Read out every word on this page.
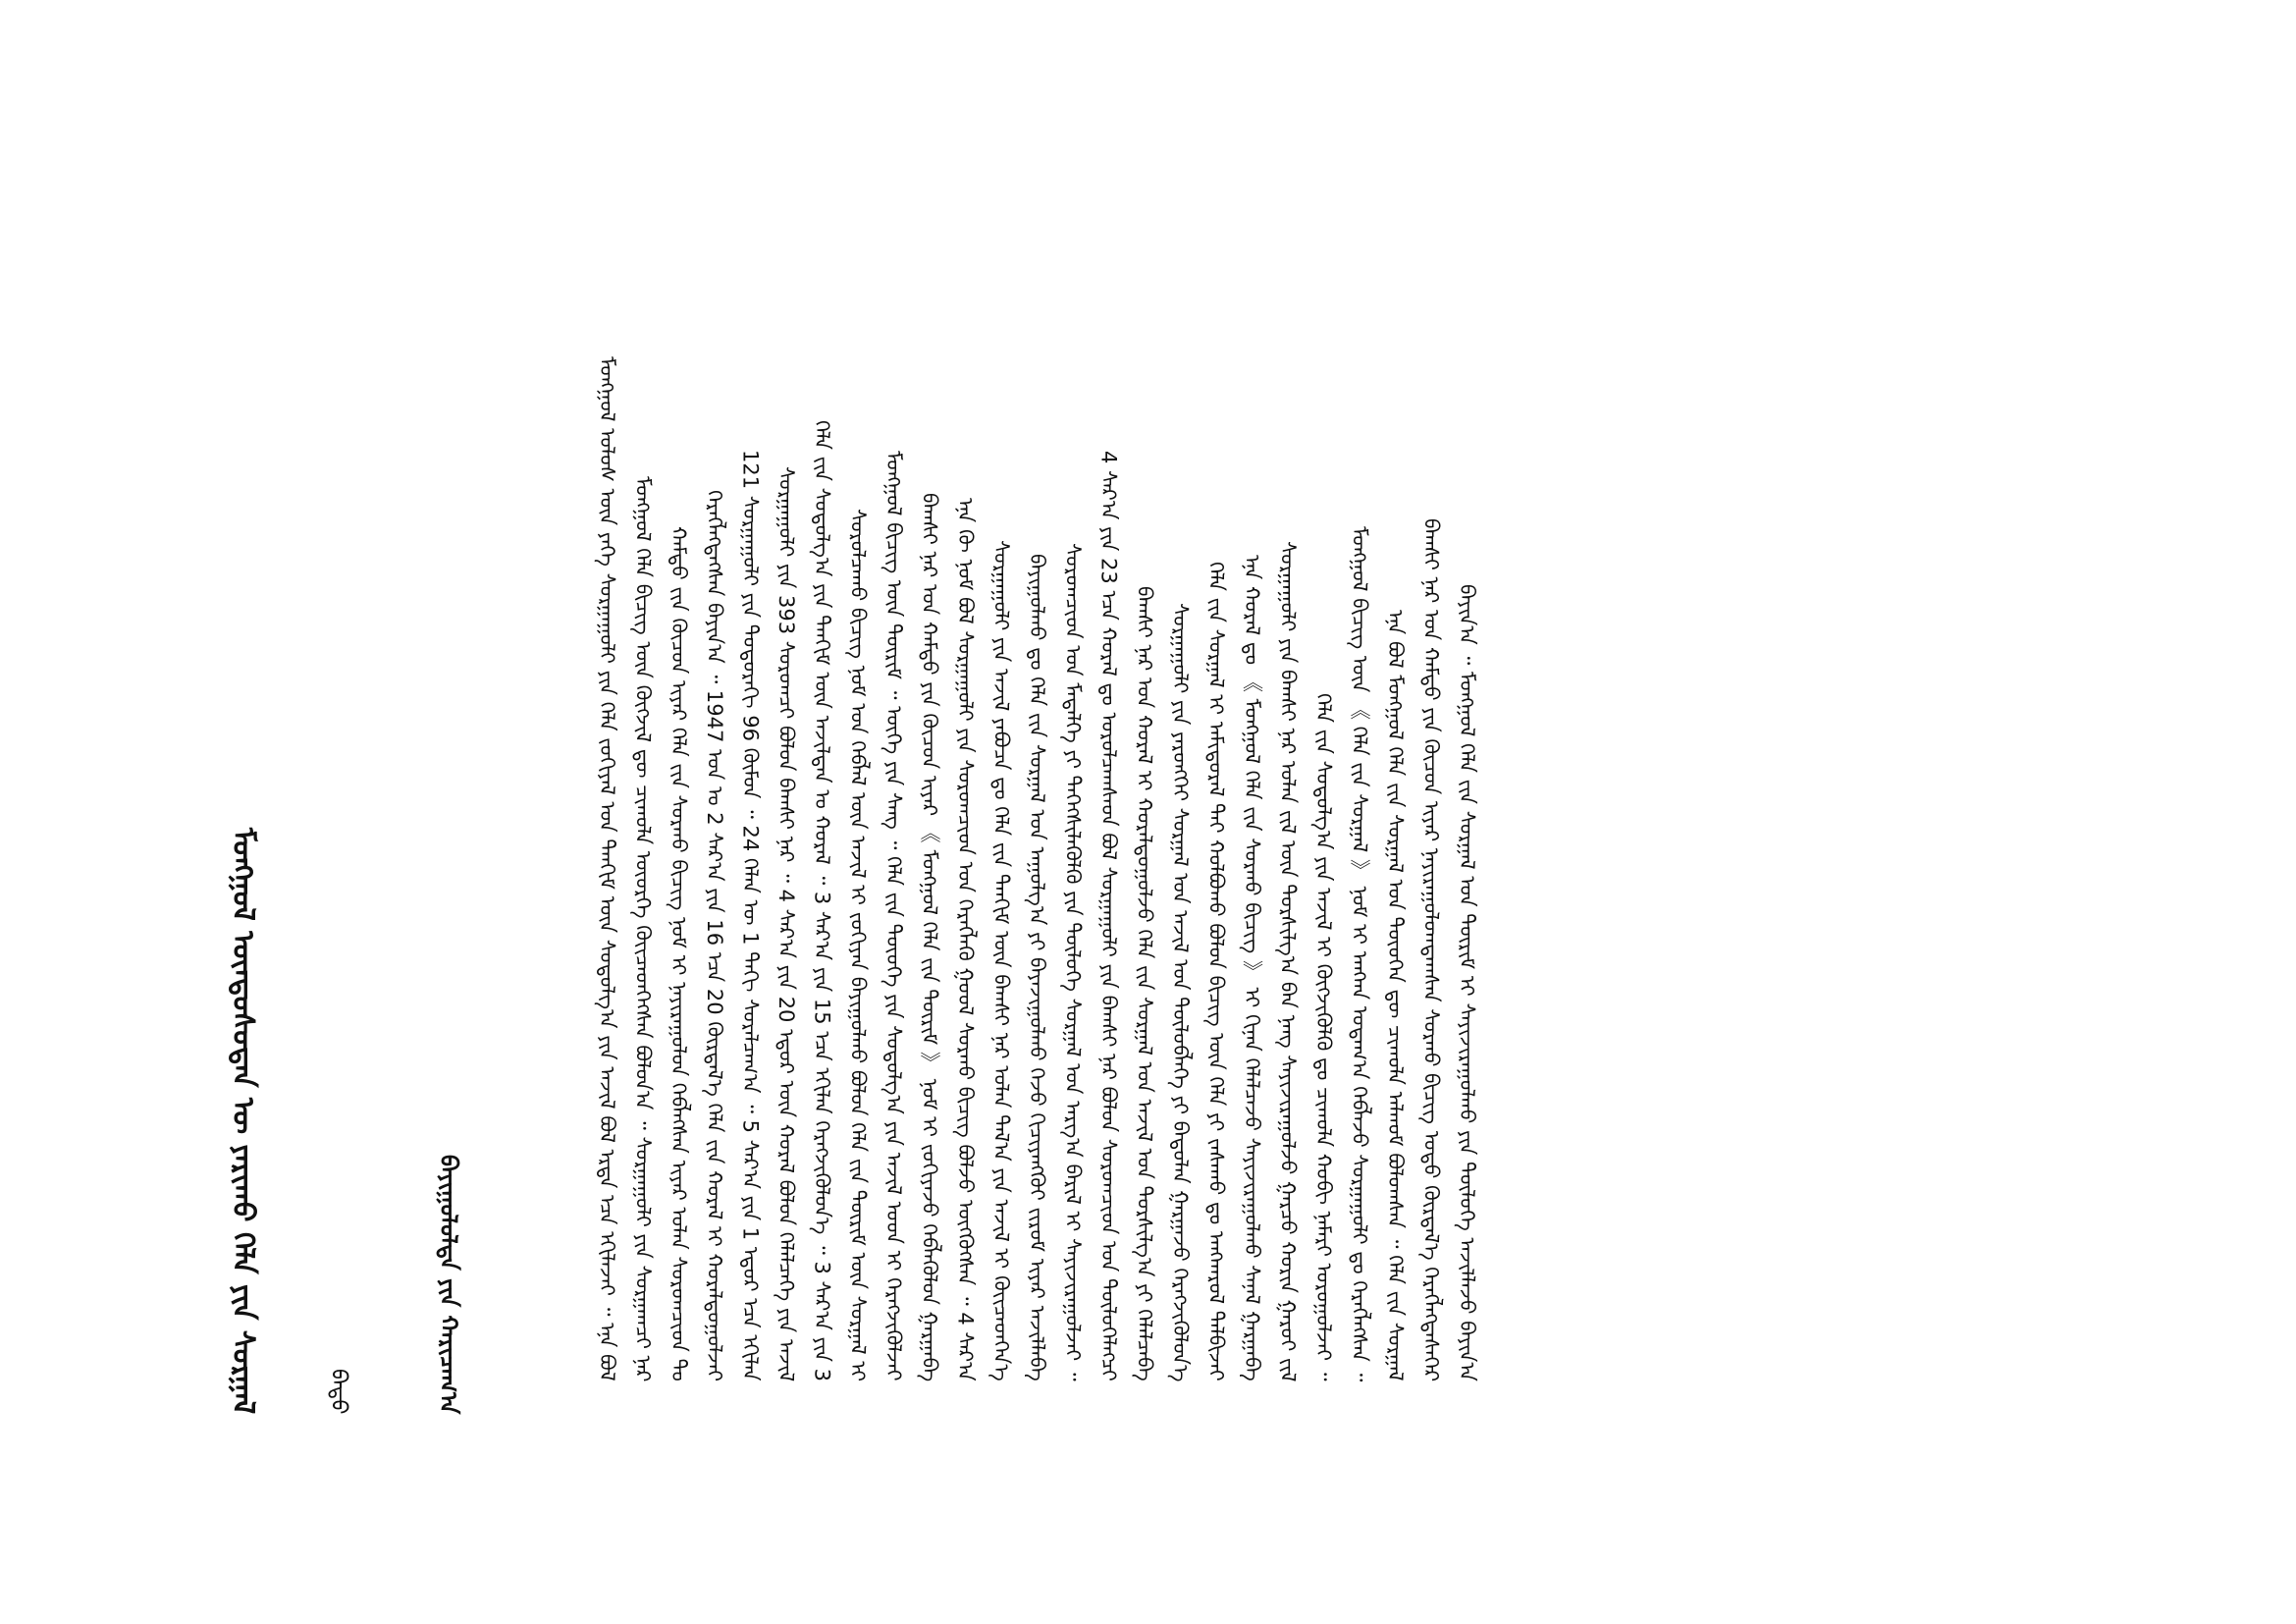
ᠮᠣᠩᠭᠣᠯ ᠦᠨᠳᠦᠰᠦᠲᠡᠨ ᠦ ᠶᠠᠷᠢᠬᠤ ᠬᠡᠯᠡ ᠶᠢᠨ ᠰᠤᠷᠭᠠᠯ	ᠪᠠᠲᠤ	ᠪᠠᠶᠢᠭᠤᠯᠤᠯᠲᠠ ᠶᠢᠨ ᠬᠠᠷᠢᠴᠠᠭ᠎ᠠ	ᠮᠣᠩᠭᠣᠯ ᠤᠯᠤᠰ ᠦᠨ ᠶᠡᠬᠡ ᠰᠤᠷᠭᠠᠭᠤᠯᠢ ᠶᠢᠨ ᠬᠡᠯᠡ ᠵᠣᠬᠢᠶᠠᠯ ᠤᠨ ᠲᠡᠨᠬᠢᠮ ᠦᠨ ᠰᠤᠳᠤᠯᠭ᠎ᠠ ᠶᠢᠨ ᠠᠵᠢᠯ ᠪᠣᠯ ᠡᠷᠲᠡ ᠡᠴᠡ ᠡᠬᠢᠯᠡᠵᠡᠢ ᠃ ᠡᠨᠡ ᠪᠣᠯ ᠮᠣᠩᠭᠣᠯ ᠬᠡᠯᠡ ᠪᠢᠴᠢᠭ ᠦᠨ ᠬᠥᠭᠵᠢᠯ ᠳᠦ ᠴᠢᠬᠤᠯᠠ ᠦᠦᠷᠭᠡ ᠭᠦᠢᠴᠡᠳᠬᠡᠭᠰᠡᠨ ᠪᠣᠯᠤᠨ᠎ᠠ ᠃ ᠰᠤᠷᠭᠠᠭᠤᠯᠢ ᠶᠢᠨ ᠰᠤᠷᠭᠠᠭᠴᠢ ᠨᠠᠷ ᠬᠠᠮᠲᠤ ᠵᠢᠨ ᠬᠦᠴᠦᠨ ᠢᠶᠡᠷ ᠬᠡᠯᠡ ᠵᠢᠨ ᠰᠤᠷᠬᠤ ᠪᠢᠴᠢᠭ ᠨᠣᠮ ᠢ ᠨᠠᠶᠢᠷᠠᠭᠤᠯᠤᠨ ᠬᠡᠪᠯᠡᠭᠰᠡᠨ ᠢᠶᠡᠷ ᠣᠯᠠᠨ ᠰᠤᠷᠤᠭᠴᠢᠳ ᠲᠤ ᠬᠡᠷᠡᠭᠯᠡᠭᠳᠡᠭᠰᠡᠨ ᠪᠠᠶᠢᠨ᠎ᠠ ᠃ 1947 ᠣᠨ ᠤ 2 ᠰᠠᠷ᠎ᠠ ᠶᠢᠨ 16 ᠡᠴᠡ 20 ᠬᠦᠷᠲᠡᠯ᠎ᠡ ᠬᠡᠯᠡ ᠵᠢᠨ ᠬᠤᠷᠠᠯ ᠢ ᠬᠤᠷᠠᠯᠳᠤᠭᠤᠯᠵᠠᠢ 121 ᠰᠤᠷᠭᠠᠭᠤᠯᠢ ᠶᠢᠨ ᠳᠣᠲᠣᠷᠠᠬᠢ 96 ᠬᠦᠮᠦᠨ ᠃ 24 ᠬᠡᠯᠡᠨ ᠦ 1 ᠳᠡᠬᠢ ᠰᠤᠷᠠᠯᠴᠠᠭ᠎ᠠ ᠃ 5 ᠰᠠᠷ᠎ᠠ ᠶᠢᠨ 1 ᠡᠳᠦᠷ ᠡᠴᠡ ᠡᠬᠢᠯᠡᠨ ᠰᠤᠷᠭᠠᠭᠤᠯᠢ ᠶᠢᠨ 393 ᠰᠤᠷᠤᠭᠴᠢ ᠪᠣᠯᠤᠨ ᠪᠠᠭᠰᠢ ᠨᠠᠷ ᠃ 4 ᠰᠠᠷ᠎ᠠ ᠶᠢᠨ 20 ᠡᠳᠦᠷ ᠦᠨ ᠬᠤᠷᠠᠯ ᠪᠣᠯᠤᠨ ᠬᠡᠯᠡᠯᠴᠡᠭᠡ ᠶᠢᠨ ᠠᠵᠢᠯ ᠬᠡᠯᠡ ᠵᠢᠨ ᠰᠤᠳᠤᠯᠭ᠎ᠠ ᠶᠢᠨ ᠲᠡᠨᠬᠢᠮ ᠦᠨ ᠠᠵᠢᠯᠲᠠᠨ ᠤ ᠬᠤᠷᠠᠯ ᠃ 3 ᠰᠠᠷ᠎ᠠ ᠶᠢᠨ 15 ᠡᠴᠡ ᠡᠬᠢᠯᠡᠨ ᠬᠡᠷᠡᠭᠵᠢᠭᠦᠯᠦᠨ᠎ᠡ ᠃ 3 ᠰᠠᠷ᠎ᠠ ᠶᠢᠨ 3 ᠰᠤᠷᠤᠯᠴᠠᠬᠤ ᠪᠢᠴᠢᠭ ᠨᠣᠮ ᠤᠨ ᠬᠡᠪᠯᠡᠯ ᠦᠨ ᠠᠵᠢᠯ ᠢ ᠵᠣᠬᠢᠶᠠᠨ ᠪᠠᠶᠢᠭᠤᠯᠬᠤ ᠪᠣᠯᠤᠨ ᠬᠡᠯᠡ ᠵᠢᠨ ᠳᠦᠷᠢᠮ ᠦᠨ ᠰᠤᠷᠭᠠᠯ ᠢ ᠮᠣᠩᠭᠣᠯ ᠪᠢᠴᠢᠭ ᠦᠨ ᠳᠦᠷᠢᠮ ᠃ ᠦᠭᠡ ᠶᠢᠨ ᠰᠠᠩ ᠃ ᠬᠡᠯᠡ ᠵᠢᠨ ᠲᠦᠦᠬᠡ ᠶᠢᠨ ᠰᠤᠳᠤᠯᠭ᠎ᠠ ᠶᠢᠨ ᠠᠵᠢᠯ ᠤᠳ ᠢ ᠬᠡᠷᠡᠭᠵᠢᠭᠦᠯᠵᠡᠢ ᠪᠠᠭᠰᠢ ᠨᠠᠷ ᠤᠨ ᠬᠠᠮᠲᠤ ᠶᠢᠨ ᠬᠦᠴᠦᠨ ᠢᠶᠡᠷ 《 ᠮᠣᠩᠭᠣᠯ ᠬᠡᠯᠡ ᠵᠢᠨ ᠳᠦᠷᠢᠮ 》 ᠨᠣᠮ ᠢ ᠵᠣᠬᠢᠶᠠᠵᠤ ᠬᠡᠪᠯᠡᠭᠦᠯᠦᠨ ᠭᠠᠷᠭᠠᠪᠠ ᠡᠨᠡ ᠬᠦ ᠨᠣᠮ ᠪᠣᠯ ᠰᠤᠷᠭᠠᠭᠤᠯᠢ ᠶᠢᠨ ᠰᠤᠷᠤᠭᠴᠢᠳ ᠤᠨ ᠬᠡᠷᠡᠭᠯᠡᠬᠦ ᠭᠣᠣᠯ ᠰᠤᠷᠬᠤ ᠪᠢᠴᠢᠭ ᠪᠣᠯᠵᠤ ᠥᠭᠭᠦᠭᠰᠡᠨ ᠃ 4 ᠰᠠᠷ᠎ᠠ ᠰᠤᠷᠭᠠᠭᠤᠯᠢ ᠶᠢᠨ ᠠᠵᠢᠯ ᠶᠠᠪᠤᠴᠠ ᠳᠤ ᠬᠡᠯᠡ ᠵᠢᠨ ᠲᠡᠨᠬᠢᠮ ᠦᠨ ᠪᠠᠭᠰᠢ ᠨᠠᠷ ᠣᠯᠠᠨ ᠲᠠᠯ᠎ᠠ ᠶᠢᠨ ᠠᠵᠢᠯ ᠢ ᠭᠦᠢᠴᠡᠳᠬᠡᠨ᠎ᠡ ᠪᠠᠶᠢᠭᠤᠯᠬᠤ ᠳᠤ ᠬᠡᠯᠡ ᠵᠢᠨ ᠰᠤᠷᠭᠠᠯ ᠤᠨ ᠠᠭᠤᠯᠭ᠎ᠠ ᠶᠢ ᠪᠠᠶᠠᠵᠢᠭᠤᠯᠬᠤ ᠭᠡᠵᠦ ᠬᠢᠴᠢᠶᠡᠩᠭᠦᠢ ᠵᠢᠷᠤᠮ ᠢᠶᠡᠷ ᠠᠵᠢᠯᠯᠠᠪᠠ ᠰᠤᠷᠤᠭᠴᠢᠳ ᠤᠨ ᠮᠡᠳᠡᠯᠭᠡ ᠶᠢ ᠳᠡᠭᠡᠭᠰᠢᠯᠡᠭᠦᠯᠬᠦ ᠶᠢᠨ ᠲᠥᠯᠥᠭᠡ ᠰᠤᠷᠭᠠᠯ ᠤᠨ ᠠᠷᠭ᠎ᠠ ᠪᠠᠷᠢᠯ ᠢ ᠰᠠᠶᠢᠵᠢᠷᠠᠭᠤᠯᠵᠠᠢ ᠃ 4 ᠰᠠᠷ᠎ᠠ ᠶᠢᠨ 23 ᠡᠴᠡ ᠬᠤᠷᠠᠯ ᠳᠤ ᠣᠷᠤᠯᠴᠠᠭᠰᠠᠳ ᠪᠣᠯ ᠰᠤᠷᠭᠠᠭᠤᠯᠢ ᠶᠢᠨ ᠪᠠᠭᠰᠢ ᠨᠠᠷ ᠪᠣᠯᠤᠨ ᠰᠤᠷᠤᠭᠴᠢᠳ ᠤᠨ ᠲᠥᠯᠥᠭᠡᠯᠡᠭᠴᠢ ᠪᠠᠭᠰᠢ ᠨᠠᠷ ᠤᠨ ᠬᠤᠷᠠᠯ ᠢ ᠬᠤᠷᠠᠯᠳᠤᠭᠤᠯᠵᠤ ᠬᠡᠯᠡ ᠵᠢᠨ ᠰᠤᠷᠭᠠᠯ ᠤᠨ ᠠᠵᠢᠯ ᠤᠨ ᠲᠤᠷᠰᠢᠯᠭ᠎ᠠ ᠶᠢ ᠬᠡᠯᠡᠯᠴᠡᠪᠡ ᠰᠤᠷᠭᠠᠭᠤᠯᠢ ᠶᠢᠨ ᠶᠡᠷᠦᠩᠬᠡᠢ ᠰᠤᠷᠭᠠᠯ ᠤᠨ ᠠᠵᠢᠯ ᠤᠨ ᠲᠥᠯᠥᠪᠯᠡᠭᠡ ᠶᠢ ᠪᠠᠲᠤᠯᠠᠨ ᠭᠠᠷᠭᠠᠵᠤ ᠬᠡᠷᠡᠭᠵᠢᠭᠦᠯᠦᠨ᠎ᠡ ᠬᠡᠯᠡ ᠵᠢᠨ ᠰᠤᠷᠭᠠᠯ ᠢ ᠠᠮᠢᠳᠤᠷᠠᠯ ᠲᠠᠢ ᠬᠣᠯᠪᠣᠬᠤ ᠪᠣᠯᠤᠨ ᠪᠢᠴᠢᠭ ᠦᠨ ᠬᠡᠯᠡ ᠶᠢ ᠵᠠᠰᠠᠬᠤ ᠳᠤ ᠠᠩᠬᠠᠷᠤᠯ ᠲᠠᠯᠪᠢᠵᠠᠢ ᠡᠨᠡ ᠬᠤᠷᠠᠯ ᠳᠤ 《 ᠮᠣᠩᠭᠣᠯ ᠬᠡᠯᠡ ᠵᠢᠨ ᠰᠤᠷᠬᠤ ᠪᠢᠴᠢᠭ 》 ᠢ ᠬᠢᠨᠠᠨ ᠬᠡᠯᠡᠯᠴᠡᠵᠦ ᠰᠠᠶᠢᠵᠢᠷᠠᠭᠤᠯᠬᠤ ᠰᠠᠨᠠᠯ ᠭᠠᠷᠭᠠᠪᠠ ᠰᠤᠷᠭᠠᠭᠤᠯᠢ ᠶᠢᠨ ᠪᠠᠭᠰᠢ ᠨᠠᠷ ᠣᠯᠠᠨ ᠵᠢᠯ ᠦᠨ ᠲᠤᠷᠰᠢᠯᠭ᠎ᠠ ᠪᠠᠨ ᠨᠡᠩ ᠰᠠᠶᠢᠵᠢᠷᠠᠭᠤᠯᠵᠤ ᠭᠠᠷᠴᠤ ᠬᠣᠷᠢᠨ ᠭᠠᠷᠤᠢ ᠵᠢᠯ ᠬᠡᠯᠡ ᠵᠢᠨ ᠰᠤᠳᠤᠯᠭ᠎ᠠ ᠶᠢᠨ ᠠᠵᠢᠯ ᠢ ᠬᠥᠭᠵᠢᠭᠦᠯᠬᠦ ᠳᠤ ᠴᠢᠬᠤᠯᠠ ᠬᠤᠪᠢ ᠨᠡᠮᠡᠷᠢ ᠣᠷᠤᠭᠤᠯᠵᠠᠢ ᠃ ᠮᠣᠩᠭᠣᠯ ᠪᠢᠴᠢᠭ ᠦᠨ 《 ᠬᠡᠯᠡ ᠵᠢᠨ ᠰᠤᠷᠭᠠᠯ 》 ᠨᠣᠮ ᠢ ᠠᠩᠬᠠ ᠤᠳᠠᠭ᠎ᠠ ᠬᠡᠪᠯᠡᠵᠦ ᠰᠤᠷᠭᠠᠭᠤᠯᠢ ᠳᠤ ᠬᠡᠷᠡᠭᠯᠡᠭᠰᠡᠨ ᠃ ᠡᠨᠡ ᠪᠣᠯ ᠮᠣᠩᠭᠣᠯ ᠬᠡᠯᠡ ᠵᠢᠨ ᠰᠤᠷᠭᠠᠯ ᠤᠨ ᠲᠦᠦᠬᠡᠨ ᠳᠦ ᠴᠢᠬᠤᠯᠠ ᠠᠯᠬᠤᠮ ᠪᠣᠯᠤᠭᠰᠠᠨ ᠃ ᠬᠡᠯᠡ ᠵᠢᠨ ᠰᠤᠷᠭᠠᠯ ᠪᠠᠭᠰᠢ ᠨᠠᠷ ᠤᠨ ᠬᠠᠮᠲᠤ ᠶᠢᠨ ᠬᠦᠴᠦᠨ ᠢᠶᠡᠷ ᠨᠠᠶᠢᠷᠠᠭᠤᠯᠤᠭᠳᠠᠭᠰᠠᠨ ᠰᠤᠷᠬᠤ ᠪᠢᠴᠢᠭ ᠣᠳᠣ ᠬᠦᠷᠲᠡᠯ᠎ᠡ ᠬᠡᠷᠡᠭᠯᠡᠭᠳᠡᠰᠡᠭᠡᠷ ᠪᠠᠶᠢᠨ᠎ᠠ ᠃ ᠮᠣᠩᠭᠣᠯ ᠬᠡᠯᠡ ᠵᠢᠨ ᠰᠤᠷᠭᠠᠯ ᠤᠨ ᠳᠦᠷᠢᠮ ᠢ ᠰᠠᠶᠢᠵᠢᠷᠠᠭᠤᠯᠬᠤ ᠶᠢᠨ ᠲᠥᠯᠥᠭᠡ ᠠᠵᠢᠯᠯᠠᠵᠤ ᠪᠠᠶᠢᠨ᠎ᠠ
